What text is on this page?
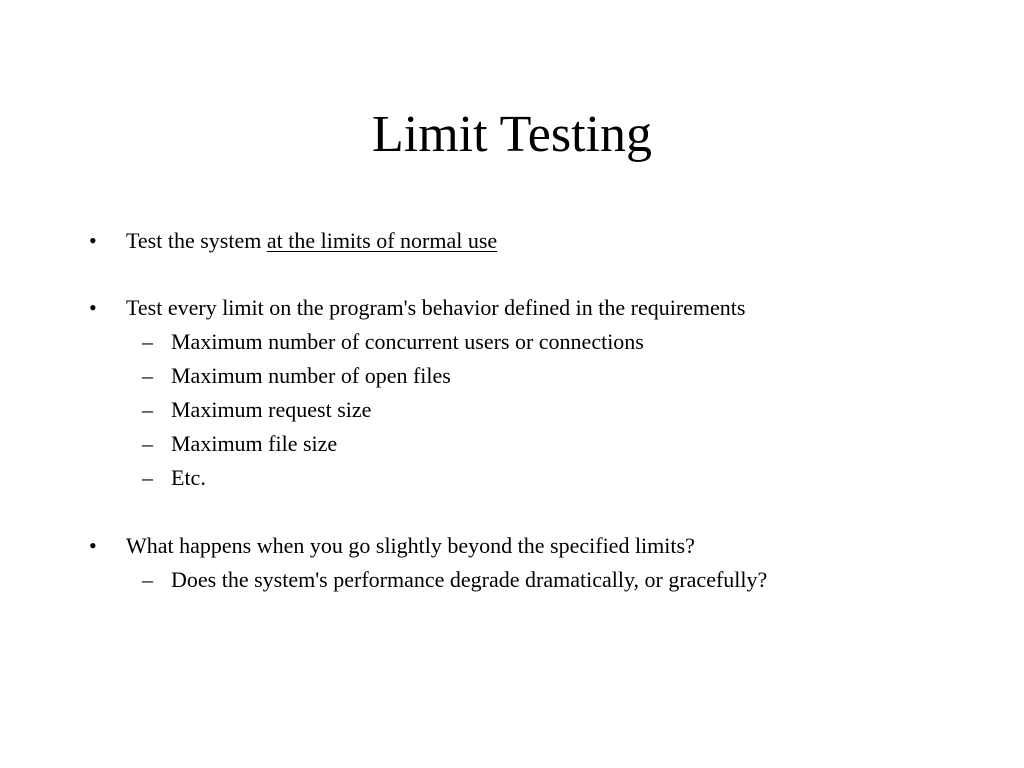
Limit Testing
• Test the system at the limits of normal use
• Test every limit on the program's behavior defined in the requirements
– Maximum number of concurrent users or connections
– Maximum number of open files
– Maximum request size
– Maximum file size
– Etc.
• What happens when you go slightly beyond the specified limits?
– Does the system's performance degrade dramatically, or gracefully?
